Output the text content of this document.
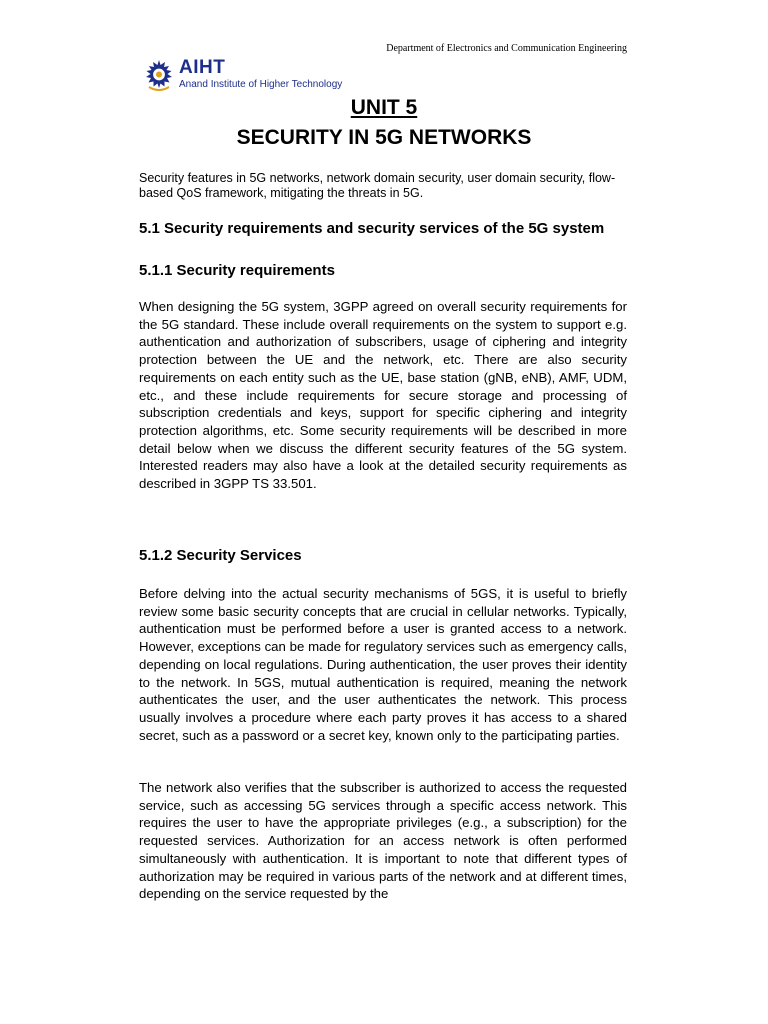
Department of Electronics and Communication Engineering
AIHT
Anand Institute of Higher Technology
UNIT 5
SECURITY IN 5G NETWORKS
Security features in 5G networks, network domain security, user domain security, flow-based QoS framework, mitigating the threats in 5G.
5.1 Security requirements and security services of the 5G system
5.1.1 Security requirements
When designing the 5G system, 3GPP agreed on overall security requirements for the 5G standard. These include overall requirements on the system to support e.g. authentication and authorization of subscribers, usage of ciphering and integrity protection between the UE and the network, etc. There are also security requirements on each entity such as the UE, base station (gNB, eNB), AMF, UDM, etc., and these include requirements for secure storage and processing of subscription credentials and keys, support for specific ciphering and integrity protection algorithms, etc. Some security requirements will be described in more detail below when we discuss the different security features of the 5G system. Interested readers may also have a look at the detailed security requirements as described in 3GPP TS 33.501.
5.1.2 Security Services
Before delving into the actual security mechanisms of 5GS, it is useful to briefly review some basic security concepts that are crucial in cellular networks. Typically, authentication must be performed before a user is granted access to a network. However, exceptions can be made for regulatory services such as emergency calls, depending on local regulations. During authentication, the user proves their identity to the network. In 5GS, mutual authentication is required, meaning the network authenticates the user, and the user authenticates the network. This process usually involves a procedure where each party proves it has access to a shared secret, such as a password or a secret key, known only to the participating parties.
The network also verifies that the subscriber is authorized to access the requested service, such as accessing 5G services through a specific access network. This requires the user to have the appropriate privileges (e.g., a subscription) for the requested services. Authorization for an access network is often performed simultaneously with authentication. It is important to note that different types of authorization may be required in various parts of the network and at different times, depending on the service requested by the
